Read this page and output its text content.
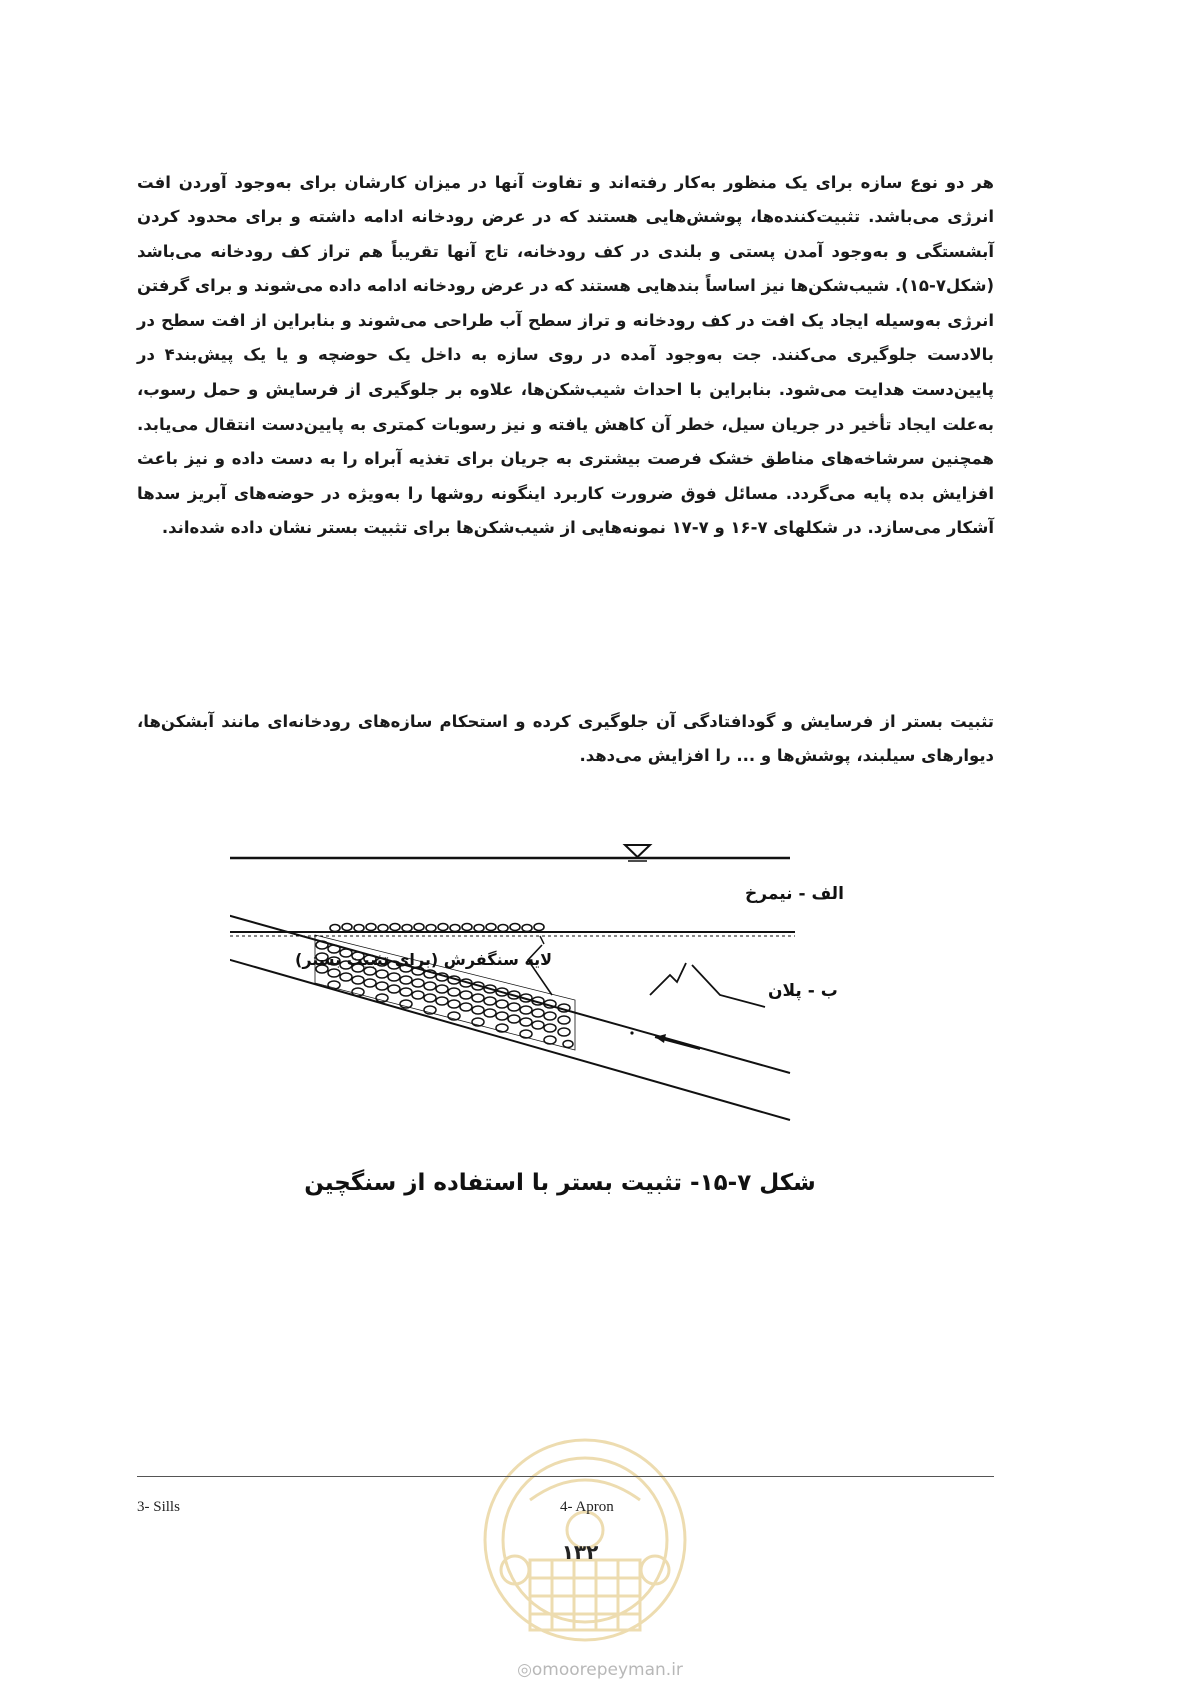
هر دو نوع سازه برای یک منظور به‌کار رفته‌اند و تفاوت آنها در میزان کارشان برای به‌وجود آوردن افت انرژی می‌باشد. تثبیت‌کننده‌ها، پوشش‌هایی هستند که در عرض رودخانه ادامه داشته و برای محدود کردن آبشستگی و به‌وجود آمدن پستی و بلندی در کف رودخانه، تاج آنها تقریباً هم تراز کف رودخانه می‌باشد (شکل۷-۱۵). شیب‌شکن‌ها نیز اساساً بندهایی هستند که در عرض رودخانه ادامه داده می‌شوند و برای گرفتن انرژی به‌وسیله ایجاد یک افت در کف رودخانه و تراز سطح آب طراحی می‌شوند و بنابراین از افت سطح در بالادست جلوگیری می‌کنند. جت به‌وجود آمده در روی سازه به داخل یک حوضچه و یا یک پیش‌بند۴ در پایین‌دست هدایت می‌شود. بنابراین با احداث شیب‌شکن‌ها، علاوه بر جلوگیری از فرسایش و حمل رسوب، به‌علت ایجاد تأخیر در جریان سیل، خطر آن کاهش یافته و نیز رسوبات کمتری به پایین‌دست انتقال می‌یابد. همچنین سرشاخه‌های مناطق خشک فرصت بیشتری به جریان برای تغذیه آبراه را به دست داده و نیز باعث افزایش بده پایه می‌گردد. مسائل فوق ضرورت کاربرد اینگونه روشها را به‌ویژه در حوضه‌های آبریز سدها آشکار می‌سازد. در شکلهای ۷-۱۶ و ۷-۱۷ نمونه‌هایی از شیب‌شکن‌ها برای تثبیت بستر نشان داده شده‌اند.

تثبیت بستر از فرسایش و گودافتادگی آن جلوگیری کرده و استحکام سازه‌های رودخانه‌ای مانند آبشکن‌ها، دیوارهای سیلبند، پوشش‌ها و ... را افزایش می‌دهد.

الف - نیمرخ
ب - پلان
لایه سنگفرش (برای تثبیت بستر)
شکل ۷-۱۵- تثبیت بستر با استفاده از سنگچین
3- Sills	4- Apron
۱۳۲
◎omoorepeyman.ir
